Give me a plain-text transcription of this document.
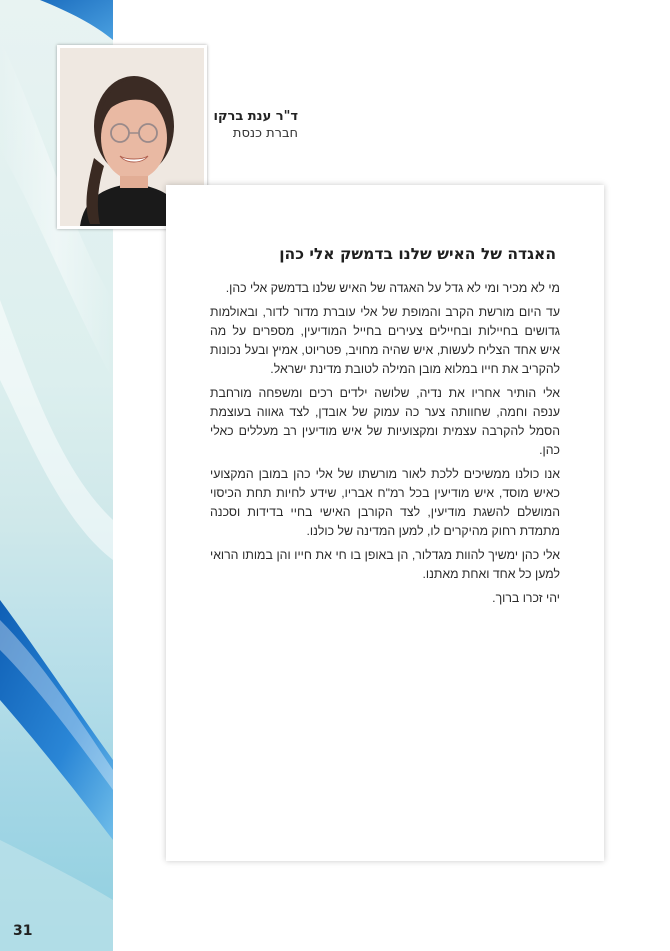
31
ד"ר ענת ברקו
חברת כנסת
האגדה של האיש שלנו בדמשק אלי כהן

מי לא מכיר ומי לא גדל על האגדה של האיש שלנו בדמשק אלי כהן.

עד היום מורשת הקרב והמופת של אלי עוברת מדור לדור, ובאולמות גדושים בחיילות ובחיילים צעירים בחייל המודיעין, מספרים על מה איש אחד הצליח לעשות, איש שהיה מחויב, פטריוט, אמיץ ובעל נכונות להקריב את חייו במלוא מובן המילה לטובת מדינת ישראל.

אלי הותיר אחריו את נדיה, שלושה ילדים רכים ומשפחה מורחבת ענפה וחמה, שחוותה צער כה עמוק של אובדן, לצד גאווה בעוצמת הסמל להקרבה עצמית ומקצועיות של איש מודיעין רב מעללים כאלי כהן.

אנו כולנו ממשיכים ללכת לאור מורשתו של אלי כהן במובן המקצועי כאיש מוסד, איש מודיעין בכל רמ"ח אבריו, שידע לחיות תחת הכיסוי המושלם להשגת מודיעין, לצד הקורבן האישי בחיי בדידות וסכנה מתמדת רחוק מהיקרים לו, למען המדינה של כולנו.

אלי כהן ימשיך להוות מגדלור, הן באופן בו חי את חייו והן במותו הרואי למען כל אחד ואחת מאתנו.

יהי זכרו ברוך.
